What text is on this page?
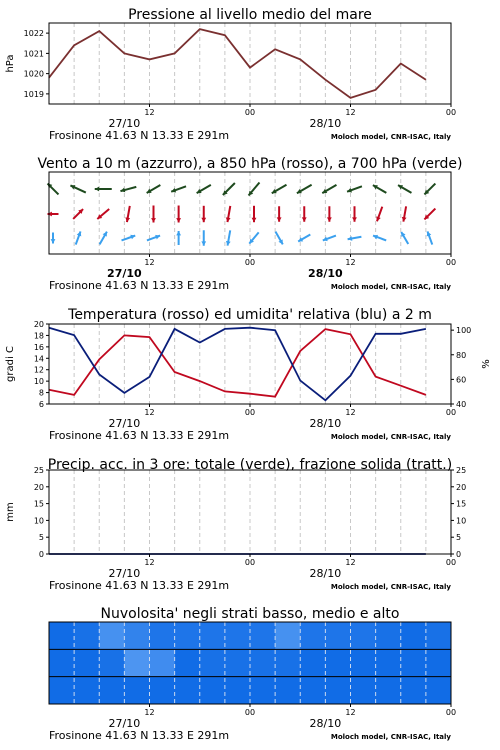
Pressione al livello medio del mare
1019
1020
1021
1022
hPa
12	00	12	00
27/10	28/10
Frosinone 41.63 N 13.33 E 291m	Moloch model, CNR-ISAC, Italy
Vento a 10 m (azzurro), a 850 hPa (rosso), a 700 hPa (verde)
12	00	12	00
27/10	28/10
Frosinone 41.63 N 13.33 E 291m	Moloch model, CNR-ISAC, Italy
Temperatura (rosso) ed umidita' relativa (blu) a 2 m
6
8
10
12
14
16
18
20
40
60
80
100
gradi C	%
12	00	12	00
27/10	28/10
Frosinone 41.63 N 13.33 E 291m	Moloch model, CNR-ISAC, Italy
Precip. acc. in 3 ore: totale (verde), frazione solida (tratt.)
0
5
10
15
20
25
0
5
10
15
20
25
mm
12	00	12	00
27/10	28/10
Frosinone 41.63 N 13.33 E 291m	Moloch model, CNR-ISAC, Italy
Nuvolosita' negli strati basso, medio e alto
12	00	12	00
27/10	28/10
Frosinone 41.63 N 13.33 E 291m	Moloch model, CNR-ISAC, Italy
